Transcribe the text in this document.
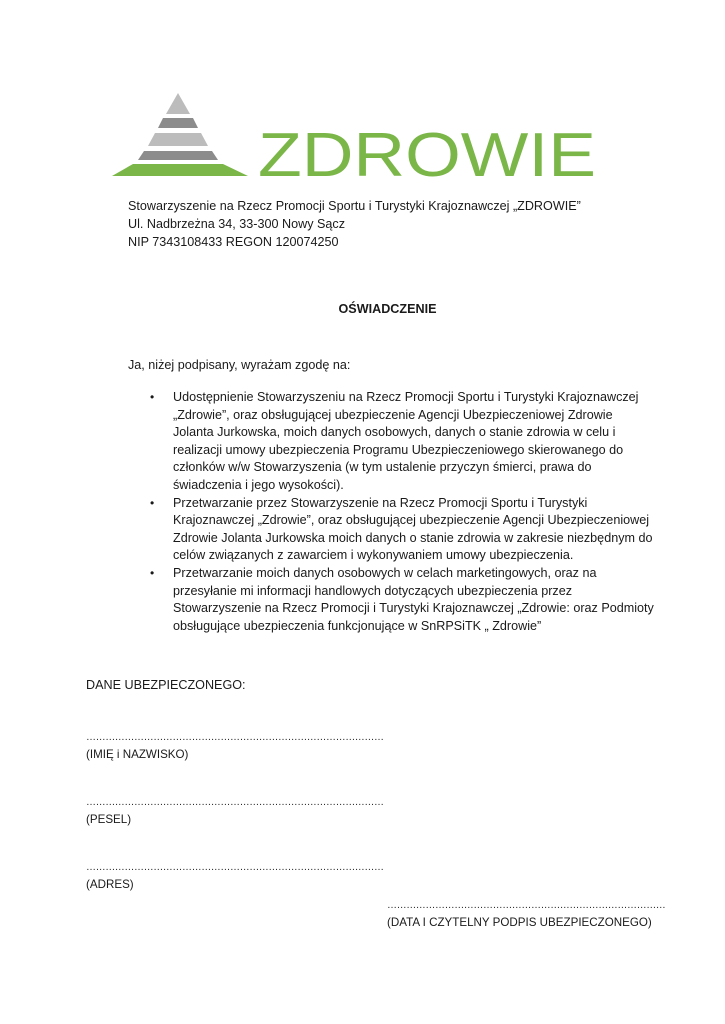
ZDROWIE
Stowarzyszenie na Rzecz Promocji Sportu i Turystyki Krajoznawczej „ZDROWIE”
Ul. Nadbrzeżna 34, 33-300 Nowy Sącz
NIP 7343108433 REGON 120074250
OŚWIADCZENIE
Ja, niżej podpisany, wyrażam zgodę na:
• Udostępnienie Stowarzyszeniu na Rzecz Promocji Sportu i Turystyki Krajoznawczej
„Zdrowie”, oraz obsługującej ubezpieczenie Agencji Ubezpieczeniowej Zdrowie
Jolanta Jurkowska, moich danych osobowych, danych o stanie zdrowia w celu i
realizacji umowy ubezpieczenia Programu Ubezpieczeniowego skierowanego do
członków w/w Stowarzyszenia (w tym ustalenie przyczyn śmierci, prawa do
świadczenia i jego wysokości).
• Przetwarzanie przez Stowarzyszenie na Rzecz Promocji Sportu i Turystyki
Krajoznawczej „Zdrowie”, oraz obsługującej ubezpieczenie Agencji Ubezpieczeniowej
Zdrowie Jolanta Jurkowska moich danych o stanie zdrowia w zakresie niezbędnym do
celów związanych z zawarciem i wykonywaniem umowy ubezpieczenia.
• Przetwarzanie moich danych osobowych w celach marketingowych, oraz na
przesyłanie mi informacji handlowych dotyczących ubezpieczenia przez
Stowarzyszenie na Rzecz Promocji i Turystyki Krajoznawczej „Zdrowie: oraz Podmioty
obsługujące ubezpieczenia funkcjonujące w SnRPSiTK „ Zdrowie”
DANE UBEZPIECZONEGO:
…………………………………………………………………………………
(IMIĘ i NAZWISKO)
…………………………………………………………………………………
(PESEL)
…………………………………………………………………………………
(ADRES)
……………………………………………………………………………
(DATA I CZYTELNY PODPIS UBEZPIECZONEGO)
